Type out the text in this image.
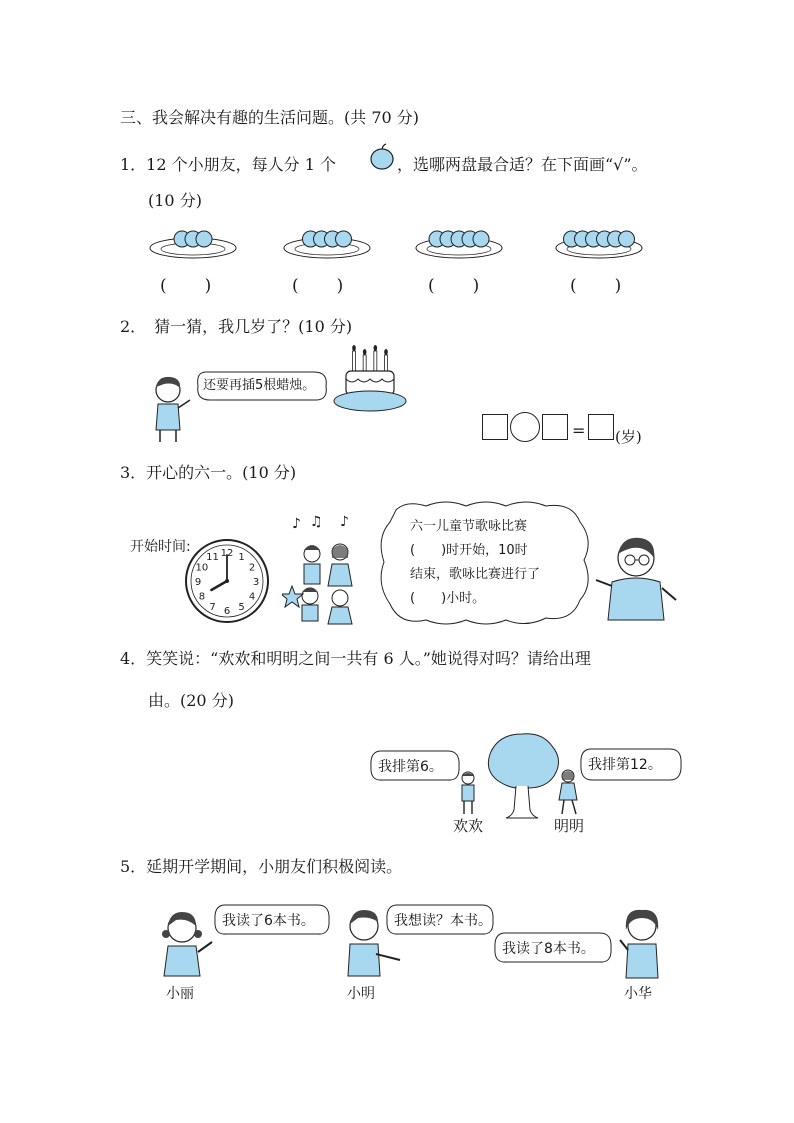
三、我会解决有趣的生活问题。(共 70 分)
1．12 个小朋友，每人分 1 个	，选哪两盘最合适？在下面画“√”。
(10 分)
( )	( )	( )	( )
2．　猜一猜，我几岁了？(10 分)
还要再插5根蜡烛。
= (岁)
3．开心的六一。(10 分)
开始时间:	12 1
2
3
4
5
6
7
8
9
10
11
♪ ♫ ♪	六一儿童节歌咏比赛
(　　)时开始，10时
结束，歌咏比赛进行了
(　　)小时。
4．笑笑说：“欢欢和明明之间一共有 6 人。”她说得对吗？请给出理
由。(20 分)
我排第6。	我排第12。
欢欢	明明
5．延期开学期间，小朋友们积极阅读。
我读了6本书。
小丽
我想读？本书。
小明
我读了8本书。
小华
